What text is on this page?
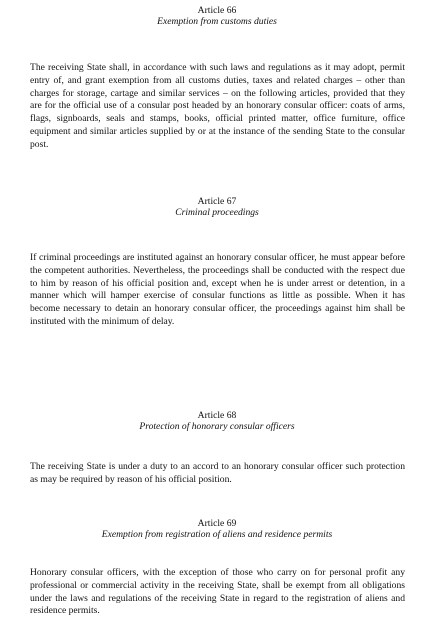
Article 66

Exemption from customs duties

The receiving State shall, in accordance with such laws and regulations as it may adopt, permit entry of, and grant exemption from all customs duties, taxes and related charges – other than charges for storage, cartage and similar services – on the following articles, provided that they are for the official use of a consular post headed by an honorary consular officer: coats of arms, flags, signboards, seals and stamps, books, official printed matter, office furniture, office equipment and similar articles supplied by or at the instance of the sending State to the consular post.

Article 67

Criminal proceedings

If criminal proceedings are instituted against an honorary consular officer, he must appear before the competent authorities. Nevertheless, the proceedings shall be conducted with the respect due to him by reason of his official position and, except when he is under arrest or detention, in a manner which will hamper exercise of consular functions as little as possible. When it has become necessary to detain an honorary consular officer, the proceedings against him shall be instituted with the minimum of delay.

Article 68

Protection of honorary consular officers

The receiving State is under a duty to an accord to an honorary consular officer such protection as may be required by reason of his official position.

Article 69

Exemption from registration of aliens and residence permits

Honorary consular officers, with the exception of those who carry on for personal profit any professional or commercial activity in the receiving State, shall be exempt from all obligations under the laws and regulations of the receiving State in regard to the registration of aliens and residence permits.
